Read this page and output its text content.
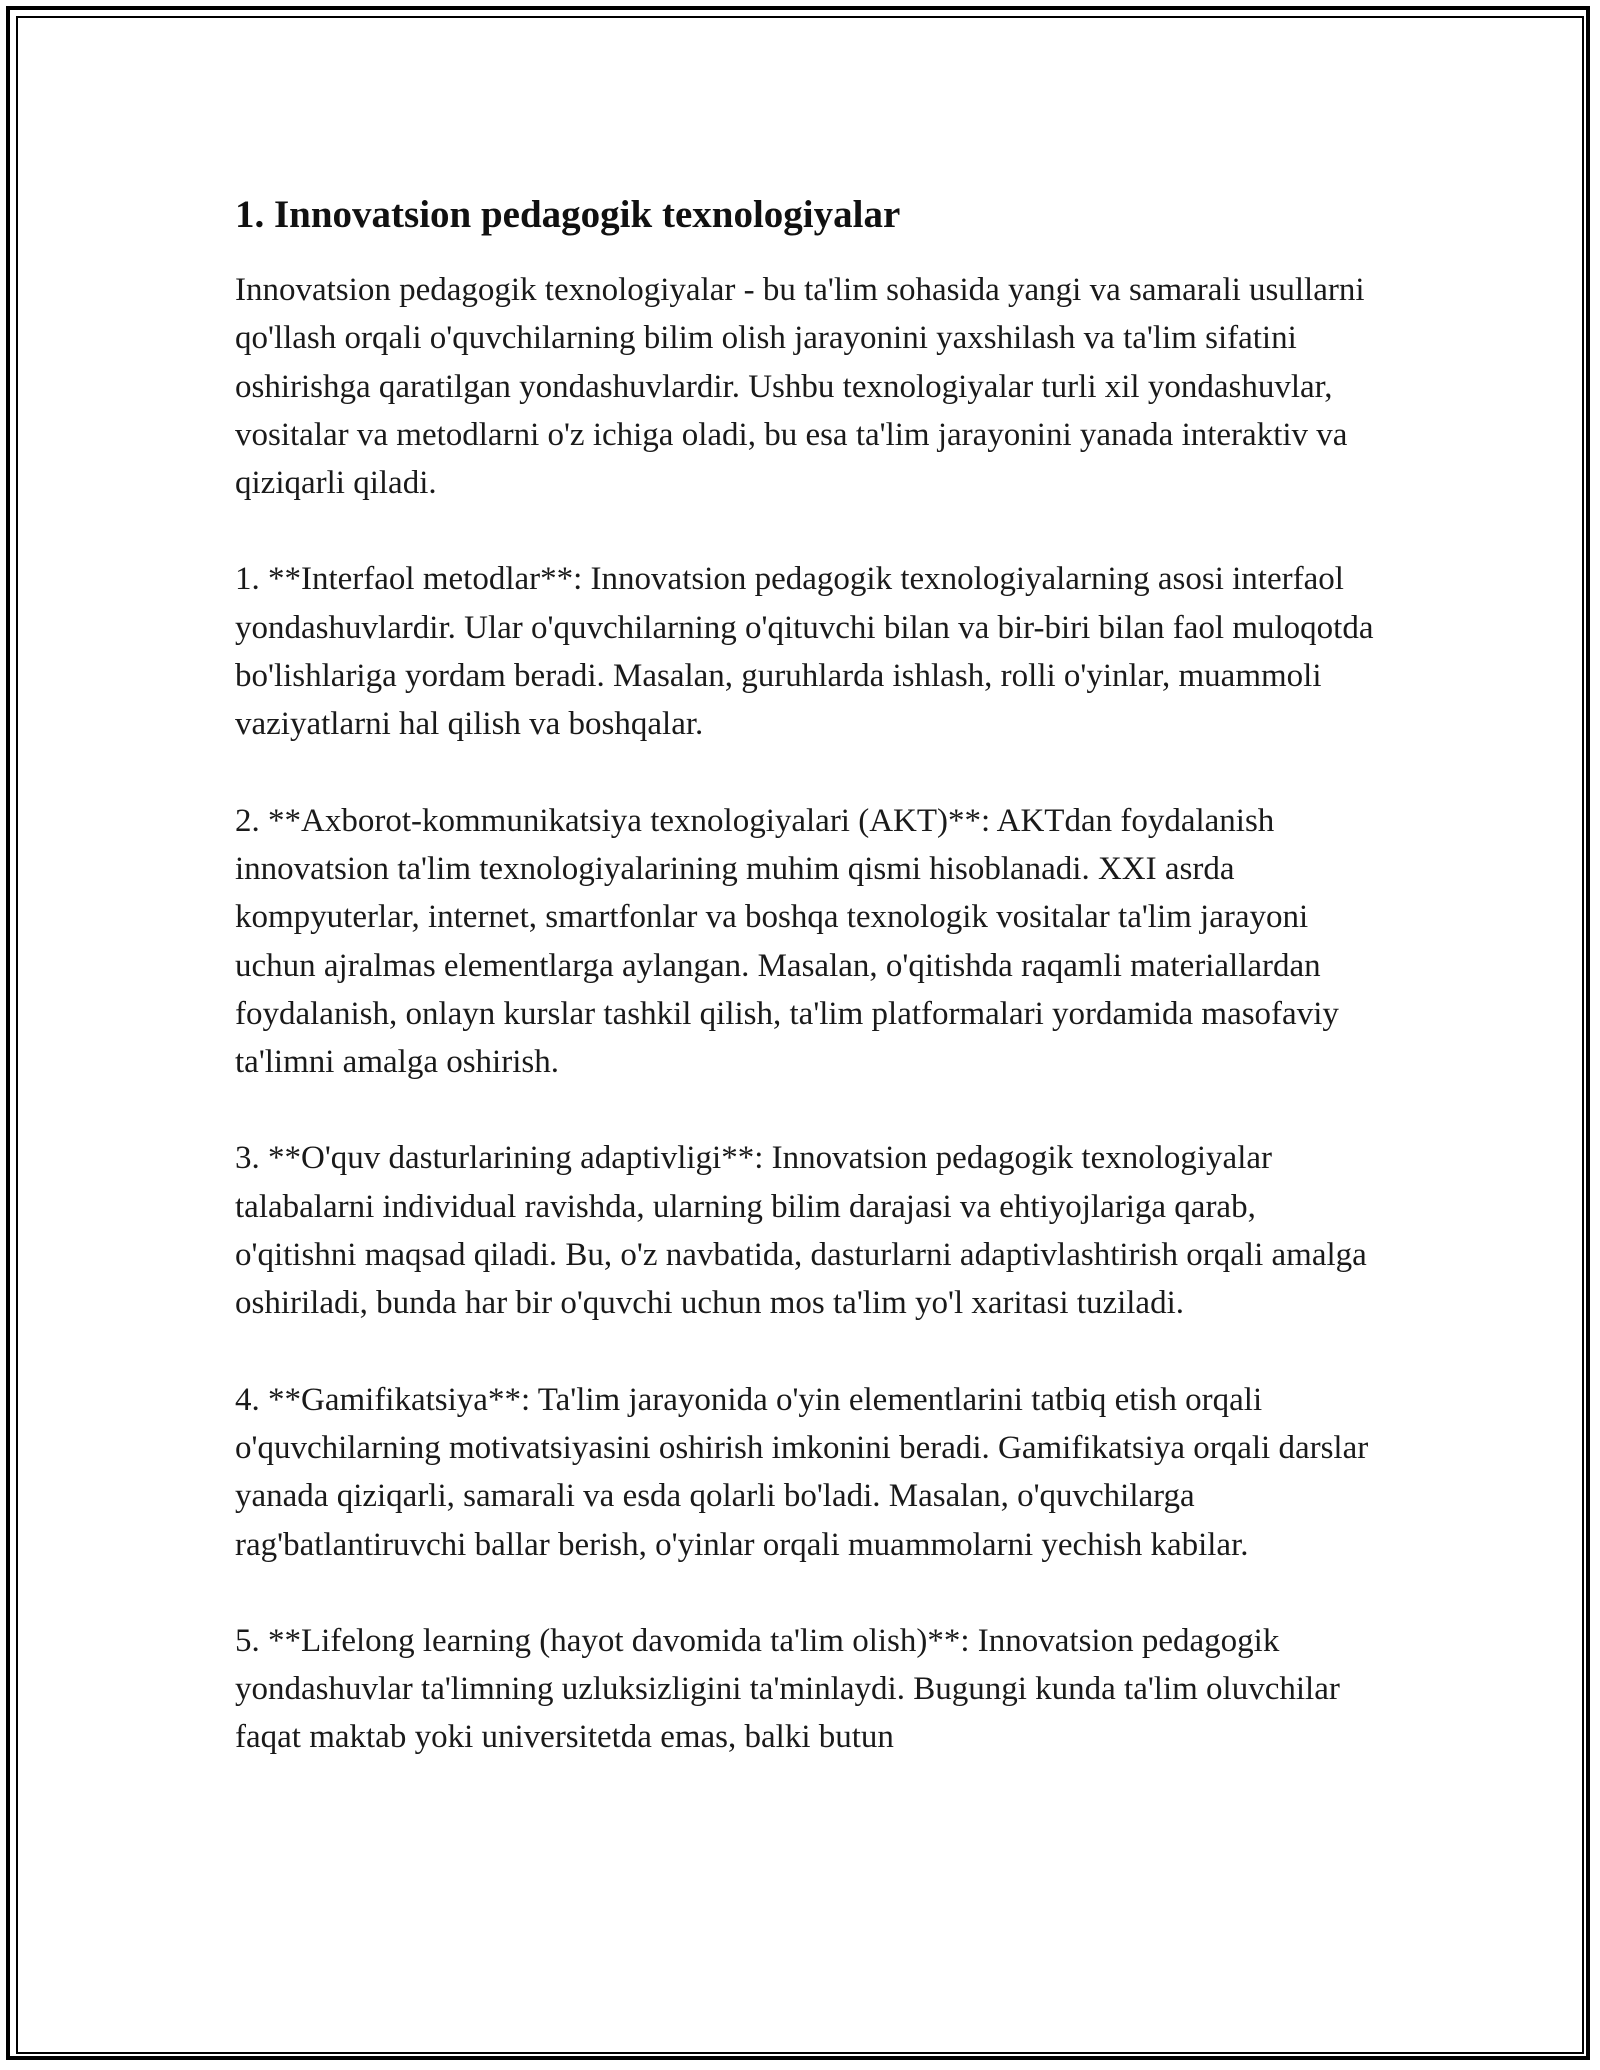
1. Innovatsion pedagogik texnologiyalar

Innovatsion pedagogik texnologiyalar - bu ta'lim sohasida yangi va samarali usullarni qo'llash orqali o'quvchilarning bilim olish jarayonini yaxshilash va ta'lim sifatini oshirishga qaratilgan yondashuvlardir. Ushbu texnologiyalar turli xil yondashuvlar, vositalar va metodlarni o'z ichiga oladi, bu esa ta'lim jarayonini yanada interaktiv va qiziqarli qiladi.

1. **Interfaol metodlar**: Innovatsion pedagogik texnologiyalarning asosi interfaol yondashuvlardir. Ular o'quvchilarning o'qituvchi bilan va bir-biri bilan faol muloqotda bo'lishlariga yordam beradi. Masalan, guruhlarda ishlash, rolli o'yinlar, muammoli vaziyatlarni hal qilish va boshqalar.

2. **Axborot-kommunikatsiya texnologiyalari (AKT)**: AKTdan foydalanish innovatsion ta'lim texnologiyalarining muhim qismi hisoblanadi. XXI asrda kompyuterlar, internet, smartfonlar va boshqa texnologik vositalar ta'lim jarayoni uchun ajralmas elementlarga aylangan. Masalan, o'qitishda raqamli materiallardan foydalanish, onlayn kurslar tashkil qilish, ta'lim platformalari yordamida masofaviy ta'limni amalga oshirish.

3. **O'quv dasturlarining adaptivligi**: Innovatsion pedagogik texnologiyalar talabalarni individual ravishda, ularning bilim darajasi va ehtiyojlariga qarab, o'qitishni maqsad qiladi. Bu, o'z navbatida, dasturlarni adaptivlashtirish orqali amalga oshiriladi, bunda har bir o'quvchi uchun mos ta'lim yo'l xaritasi tuziladi.

4. **Gamifikatsiya**: Ta'lim jarayonida o'yin elementlarini tatbiq etish orqali o'quvchilarning motivatsiyasini oshirish imkonini beradi. Gamifikatsiya orqali darslar yanada qiziqarli, samarali va esda qolarli bo'ladi. Masalan, o'quvchilarga rag'batlantiruvchi ballar berish, o'yinlar orqali muammolarni yechish kabilar.

5. **Lifelong learning (hayot davomida ta'lim olish)**: Innovatsion pedagogik yondashuvlar ta'limning uzluksizligini ta'minlaydi. Bugungi kunda ta'lim oluvchilar faqat maktab yoki universitetda emas, balki butun
